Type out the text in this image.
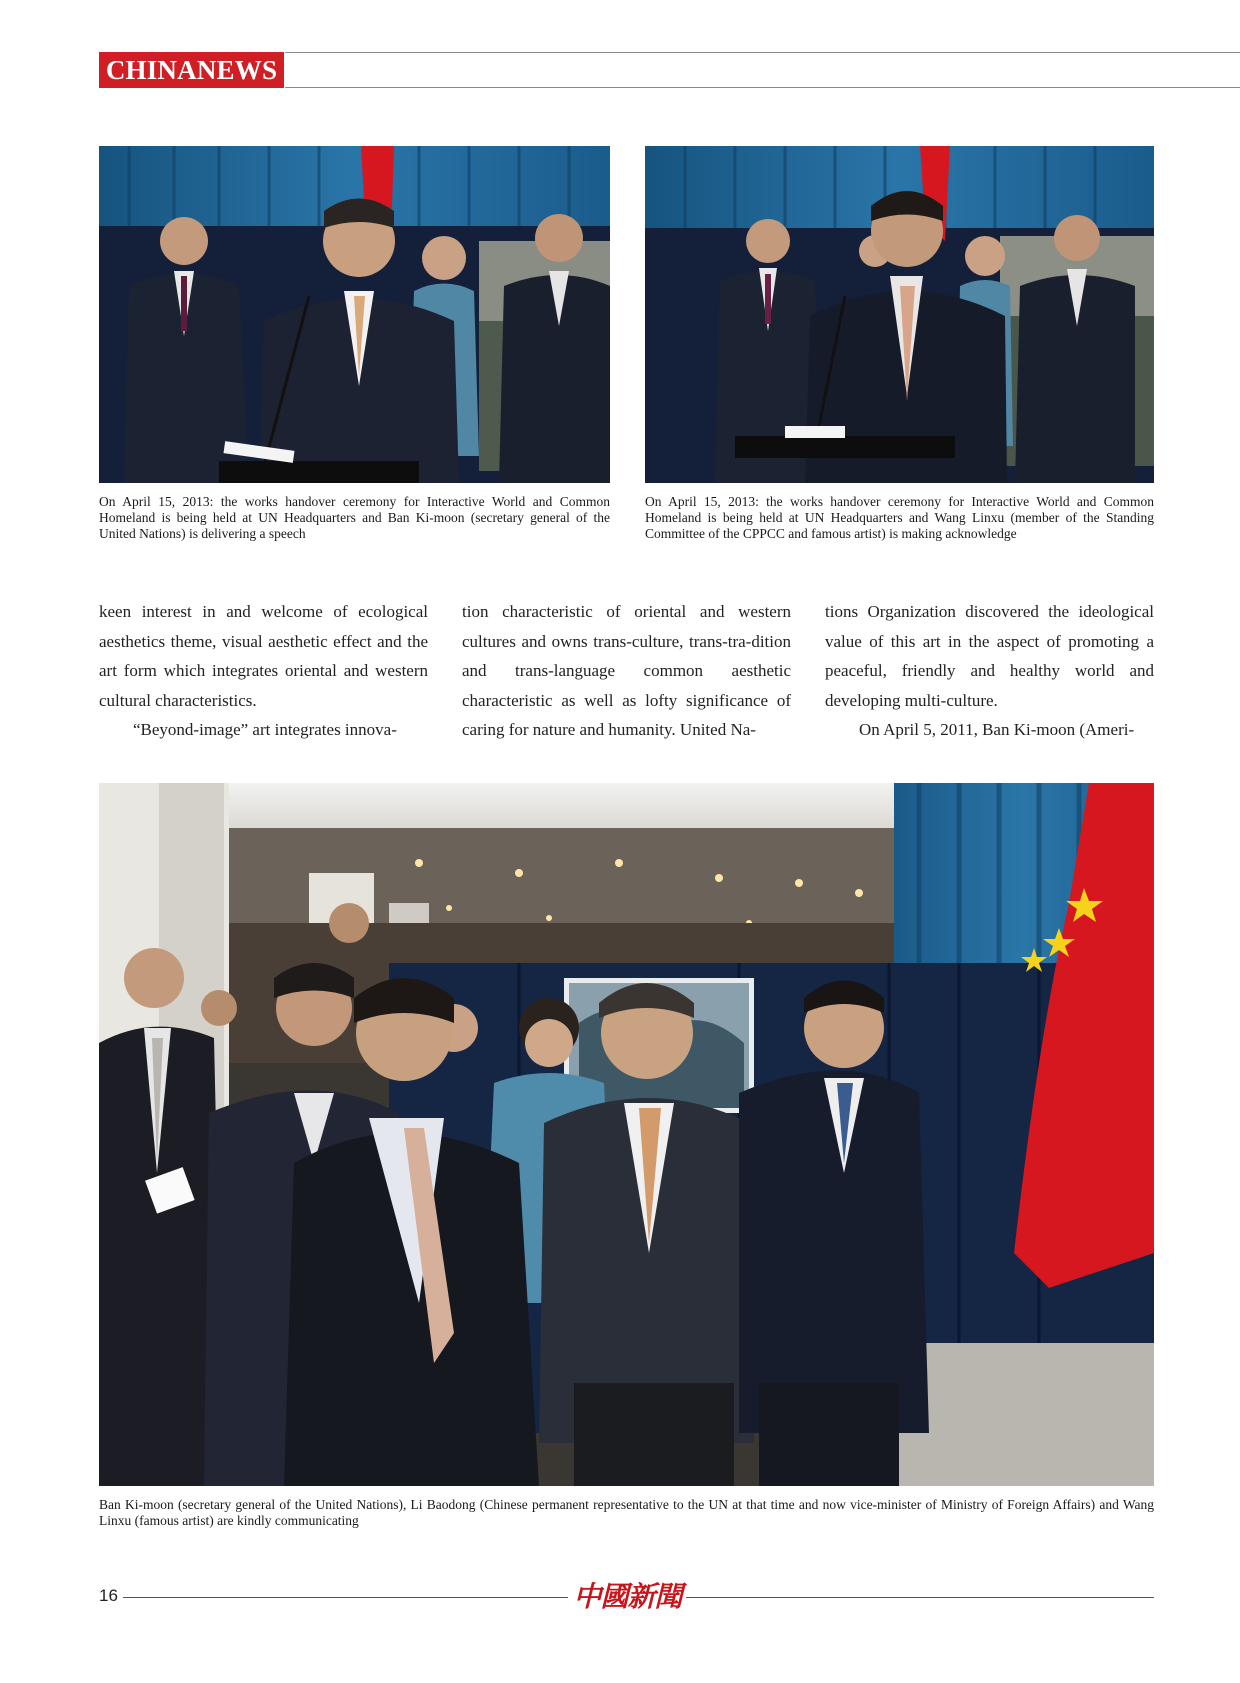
CHINANEWS
On April 15, 2013: the works handover ceremony for Interactive World and Common Homeland is being held at UN Headquarters and Ban Ki-moon (secretary general of the United Nations) is delivering a speech
On April 15, 2013: the works handover ceremony for Interactive World and Common Homeland is being held at UN Headquarters and Wang Linxu (member of the Standing Committee of the CPPCC and famous artist) is making acknowledge

keen interest in and welcome of ecological aesthetics theme, visual aesthetic effect and the art form which integrates oriental and western cultural characteristics.

“Beyond-image” art integrates innova-

tion characteristic of oriental and western cultures and owns trans-culture, trans-tra-dition and trans-language common aesthetic characteristic as well as lofty significance of caring for nature and humanity. United Na-

tions Organization discovered the ideological value of this art in the aspect of promoting a peaceful, friendly and healthy world and developing multi-culture.

On April 5, 2011, Ban Ki-moon (Ameri-

Ban Ki-moon (secretary general of the United Nations), Li Baodong (Chinese permanent representative to the UN at that time and now vice-minister of Ministry of Foreign Affairs) and Wang Linxu (famous artist) are kindly communicating
16	中國新聞
